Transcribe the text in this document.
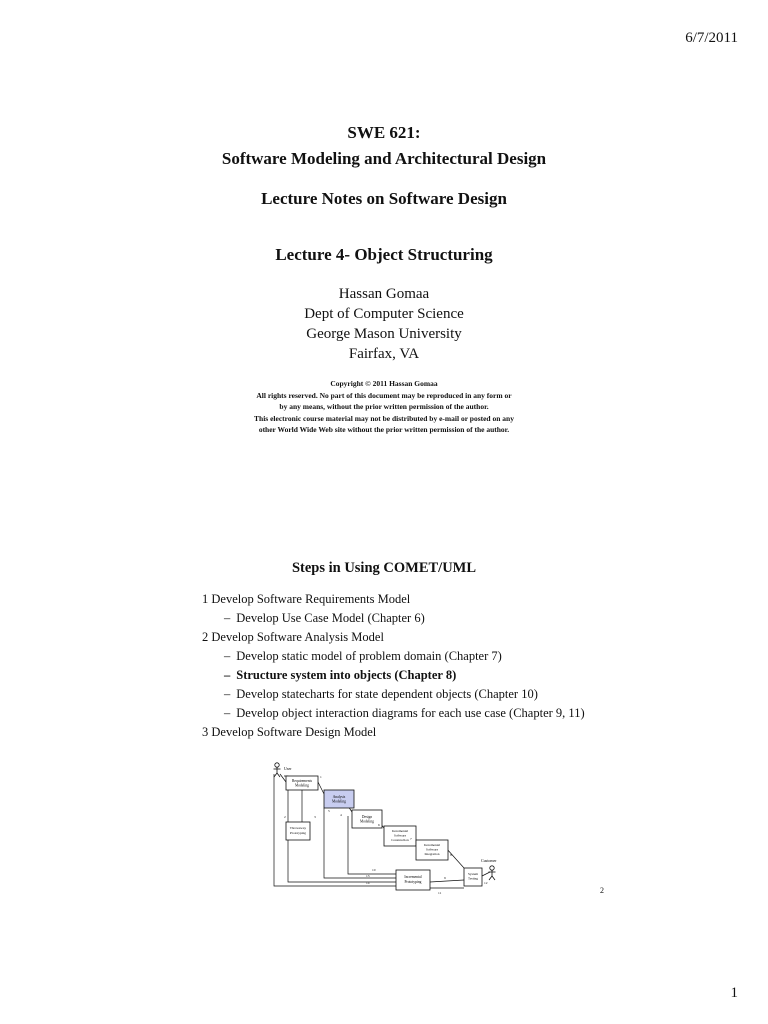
6/7/2011
SWE 621:
Software Modeling and Architectural Design
Lecture Notes on Software Design
Lecture 4- Object Structuring
Hassan Gomaa
Dept of Computer Science
George Mason University
Fairfax, VA
Copyright © 2011 Hassan Gomaa
All rights reserved. No part of this document may be reproduced in any form or
by any means, without the prior written permission of the author.
This electronic course material may not be distributed by e-mail or posted on any
other World Wide Web site without the prior written permission of the author.
Steps in Using COMET/UML
1 Develop Software Requirements Model
– Develop Use Case Model (Chapter 6)
2 Develop Software Analysis Model
– Develop static model of problem domain (Chapter 7)
– Structure system into objects (Chapter 8)
– Develop statecharts for state dependent objects (Chapter 10)
– Develop object interaction diagrams for each use case (Chapter 9, 11)
3 Develop Software Design Model
User
Customer
Requirements
Modeling
Analysis
Modeling
Design
Modeling
Incremental
Software
Construction
Incremental
Software
Integration
Incremental
Prototyping
System
Testing
Throwaway
Prototyping
1
2	3	4
5
6
7
8
9
10
11
12
13
14
2
1
